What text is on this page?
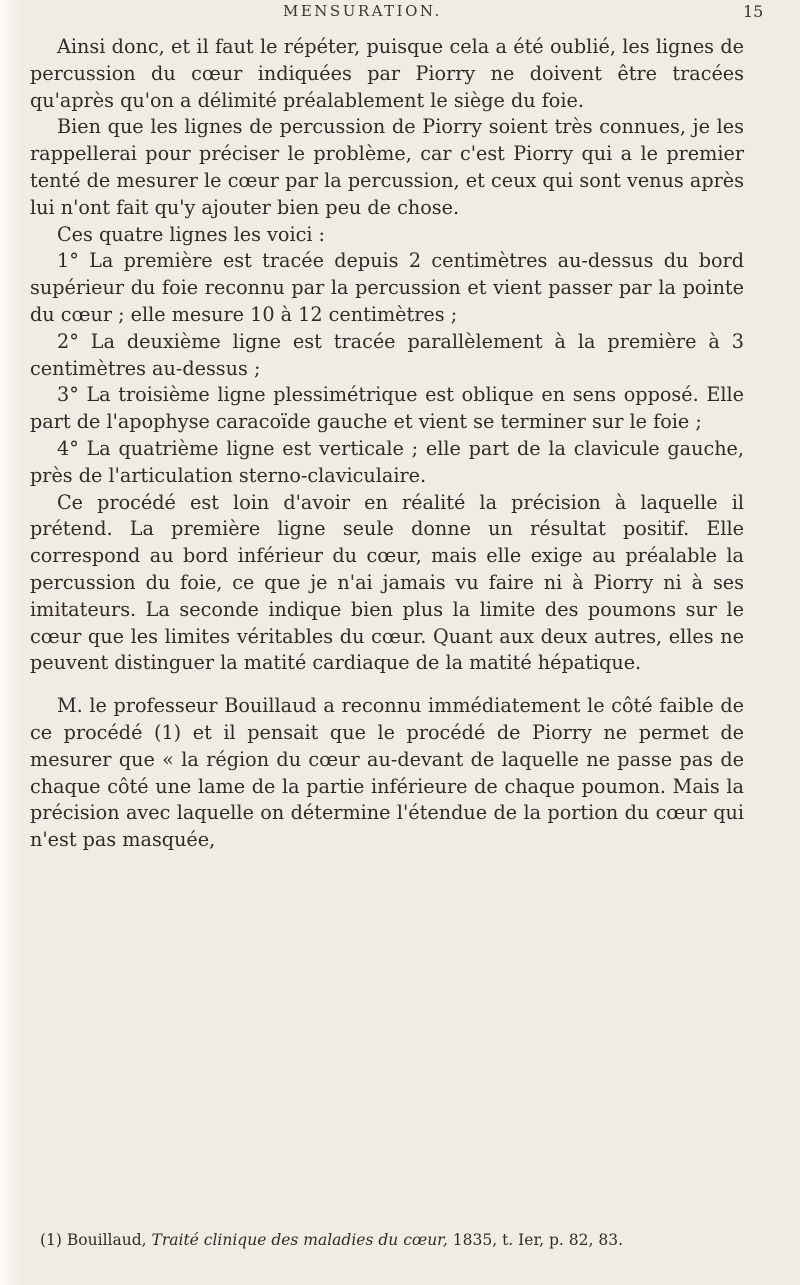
MENSURATION.	15

Ainsi donc, et il faut le répéter, puisque cela a été oublié, les lignes de percussion du cœur indiquées par Piorry ne doivent être tracées qu'après qu'on a délimité préalablement le siège du foie.

Bien que les lignes de percussion de Piorry soient très connues, je les rappellerai pour préciser le problème, car c'est Piorry qui a le premier tenté de mesurer le cœur par la percussion, et ceux qui sont venus après lui n'ont fait qu'y ajouter bien peu de chose.

Ces quatre lignes les voici :

1° La première est tracée depuis 2 centimètres au-dessus du bord supérieur du foie reconnu par la percussion et vient passer par la pointe du cœur ; elle mesure 10 à 12 centimètres ;

2° La deuxième ligne est tracée parallèlement à la première à 3 centimètres au-dessus ;

3° La troisième ligne plessimétrique est oblique en sens opposé. Elle part de l'apophyse caracoïde gauche et vient se terminer sur le foie ;

4° La quatrième ligne est verticale ; elle part de la clavicule gauche, près de l'articulation sterno-claviculaire.

Ce procédé est loin d'avoir en réalité la précision à laquelle il prétend. La première ligne seule donne un résultat positif. Elle correspond au bord inférieur du cœur, mais elle exige au préalable la percussion du foie, ce que je n'ai jamais vu faire ni à Piorry ni à ses imitateurs. La seconde indique bien plus la limite des poumons sur le cœur que les limites véritables du cœur. Quant aux deux autres, elles ne peuvent distinguer la matité cardiaque de la matité hépatique.

M. le professeur Bouillaud a reconnu immédiatement le côté faible de ce procédé (1) et il pensait que le procédé de Piorry ne permet de mesurer que « la région du cœur au-devant de laquelle ne passe pas de chaque côté une lame de la partie inférieure de chaque poumon. Mais la précision avec laquelle on détermine l'étendue de la portion du cœur qui n'est pas masquée,

(1) Bouillaud, Traité clinique des maladies du cœur, 1835, t. Ier, p. 82, 83.
